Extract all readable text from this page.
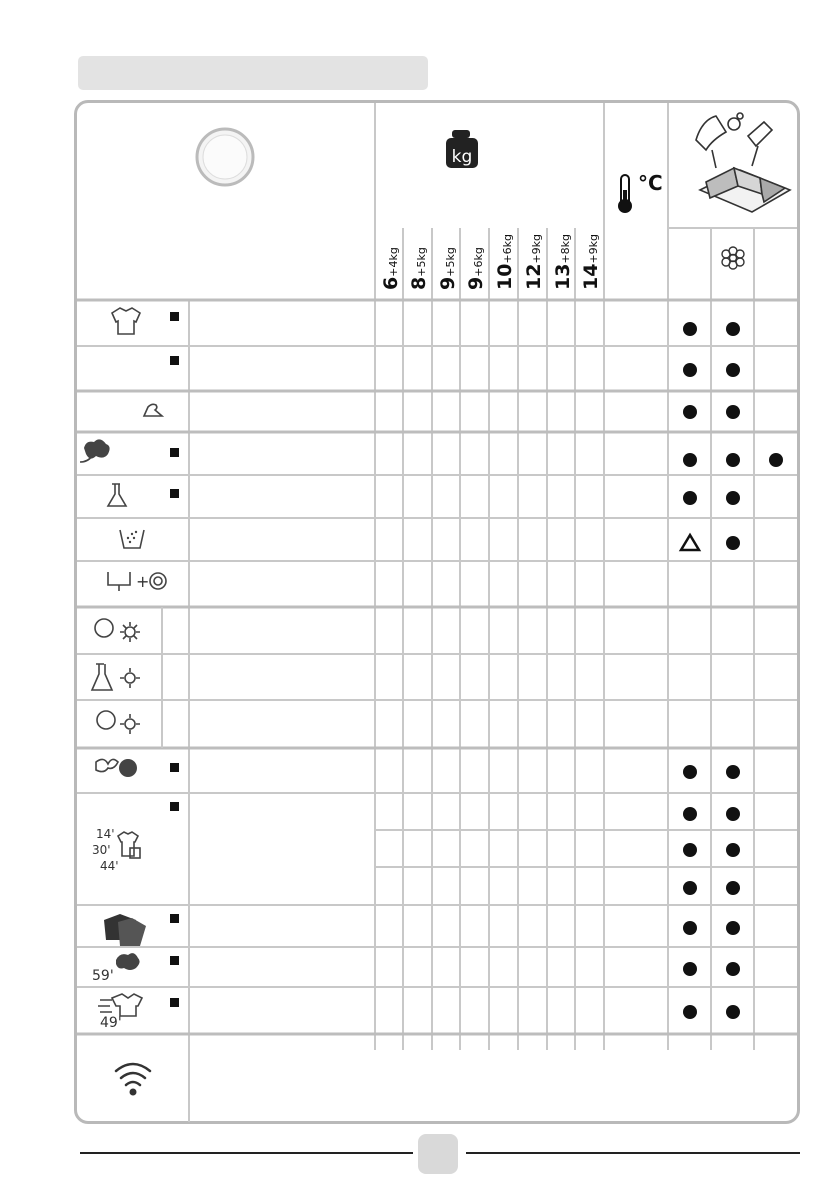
kg
+
14'
30'
44'
59'
49'
6+4kg
8+5kg
9+5kg
9+6kg
10+6kg
12+9kg
13+8kg
14+9kg
°C
